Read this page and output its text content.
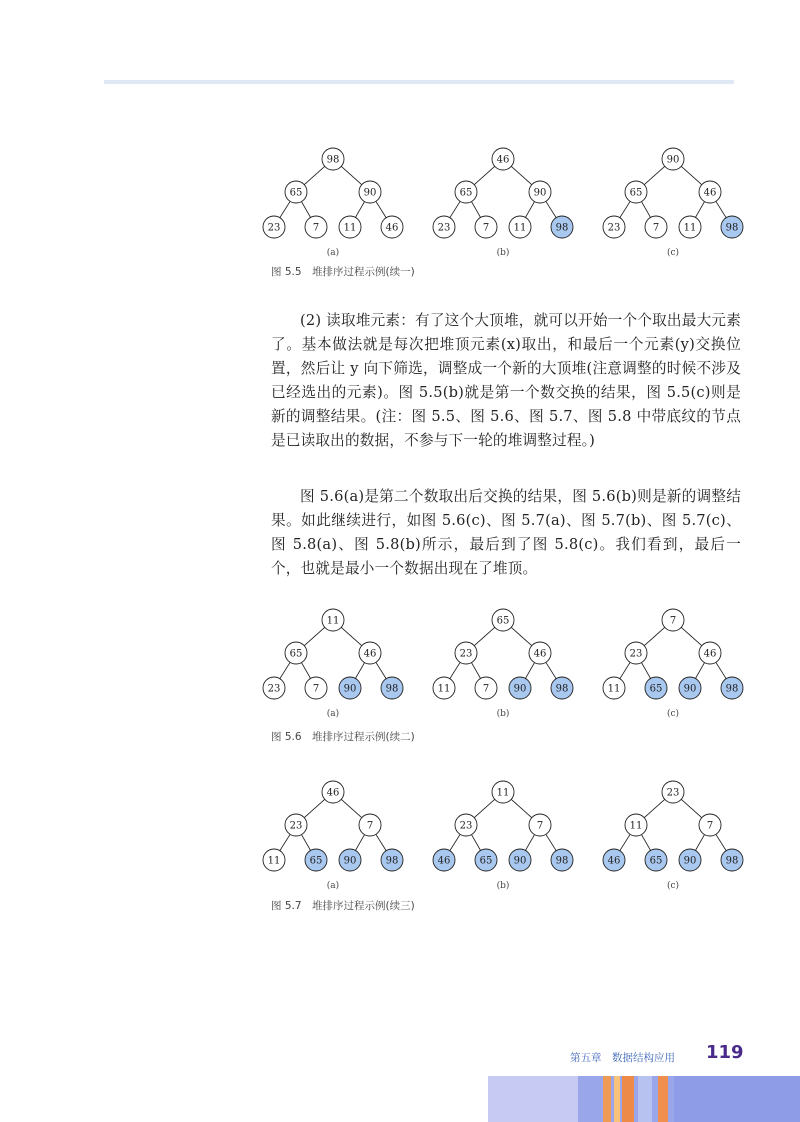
98
65	90
23	7 11	46
(a)
46
65	90
23	7 11	98
(b)
90
65	46
23	7 11	98
(c)
图 5.5　堆排序过程示例(续一)

(2) 读取堆元素：有了这个大顶堆，就可以开始一个个取出最大元素了。基本做法就是每次把堆顶元素(x)取出，和最后一个元素(y)交换位置，然后让 y 向下筛选，调整成一个新的大顶堆(注意调整的时候不涉及已经选出的元素)。图 5.5(b)就是第一个数交换的结果，图 5.5(c)则是新的调整结果。(注：图 5.5、图 5.6、图 5.7、图 5.8 中带底纹的节点是已读取出的数据，不参与下一轮的堆调整过程。)

图 5.6(a)是第二个数取出后交换的结果，图 5.6(b)则是新的调整结果。如此继续进行，如图 5.6(c)、图 5.7(a)、图 5.7(b)、图 5.7(c)、图 5.8(a)、图 5.8(b)所示，最后到了图 5.8(c)。我们看到，最后一个，也就是最小一个数据出现在了堆顶。

11
65	46
23	7 90	98
(a)
65
23	46
11	7 90	98
(b)
7
23	46
11	65 90	98
(c)
图 5.6　堆排序过程示例(续二)
46
23	7
11	65 90	98
(a)
11
23	7
46	65 90	98
(b)
23
11	7
46	65 90	98
(c)
图 5.7　堆排序过程示例(续三)
第五章　数据结构应用 119
